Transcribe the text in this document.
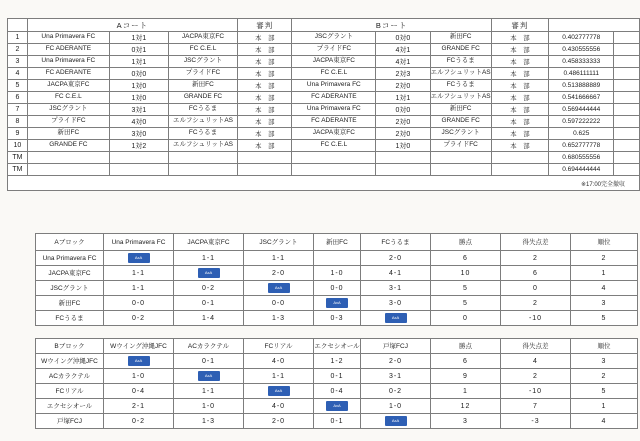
	Aコート			審判	Bコート			審判		
1	Una Primavera FC	1対1	JACPA東京FC	本　部	JSCグラント	0対0	新田FC	本　部	0.402777778	
2	FC ADERANTE	0対1	FC C.E.L	本　部	プライドFC	4対1	GRANDE FC	本　部	0.430555556	
3	Una Primavera FC	1対1	JSCグラント	本　部	JACPA東京FC	4対1	FCうるま	本　部	0.458333333	
4	FC ADERANTE	0対0	プライドFC	本　部	FC C.E.L	2対3	エルフシュリットAS	本　部	0.486111111	
5	JACPA東京FC	1対0	新田FC	本　部	Una Primavera FC	2対0	FCうるま	本　部	0.513888889	
6	FC C.E.L	1対0	GRANDE FC	本　部	FC ADERANTE	1対1	エルフシュリットAS	本　部	0.541666667	
7	JSCグラント	3対1	FCうるま	本　部	Una Primavera FC	0対0	新田FC	本　部	0.569444444	
8	プライドFC	4対0	エルフシュリットAS	本　部	FC ADERANTE	2対0	GRANDE FC	本　部	0.597222222	
9	新田FC	3対0	FCうるま	本　部	JACPA東京FC	2対0	JSCグラント	本　部	0.625	
10	GRANDE FC	1対2	エルフシュリットAS	本　部	FC C.E.L	1対0	プライドFC	本　部	0.652777778	
TM									0.680555556	
TM									0.694444444	
※17:00完全撤収										
Aブロック	Una Primavera FC	JACPA東京FC	JSCグラント	新田FC	FCうるま	勝点	得失点差	順位
Una Primavera FC	AxA	1-1	1-1		2-0	6	2	2
JACPA東京FC	1-1	AxA	2-0	1-0	4-1	10	6	1
JSCグラント	1-1	0-2	AxA	0-0	3-1	5	0	4
新田FC	0-0	0-1	0-0	AxA	3-0	5	2	3
FCうるま	0-2	1-4	1-3	0-3	AxA	0	-10	5
Bブロック	Wウイング沖縄JFC	ACカラクテル	FCリアル	エクセシオール	戸塚FCJ	勝点	得失点差	順位
Wウイング沖縄JFC	AxA	0-1	4-0	1-2	2-0	6	4	3
ACカラクテル	1-0	AxA	1-1	0-1	3-1	9	2	2
FCリアル	0-4	1-1	AxA	0-4	0-2	1	-10	5
エクセシオール	2-1	1-0	4-0	AxA	1-0	12	7	1
戸塚FCJ	0-2	1-3	2-0	0-1	AxA	3	-3	4
